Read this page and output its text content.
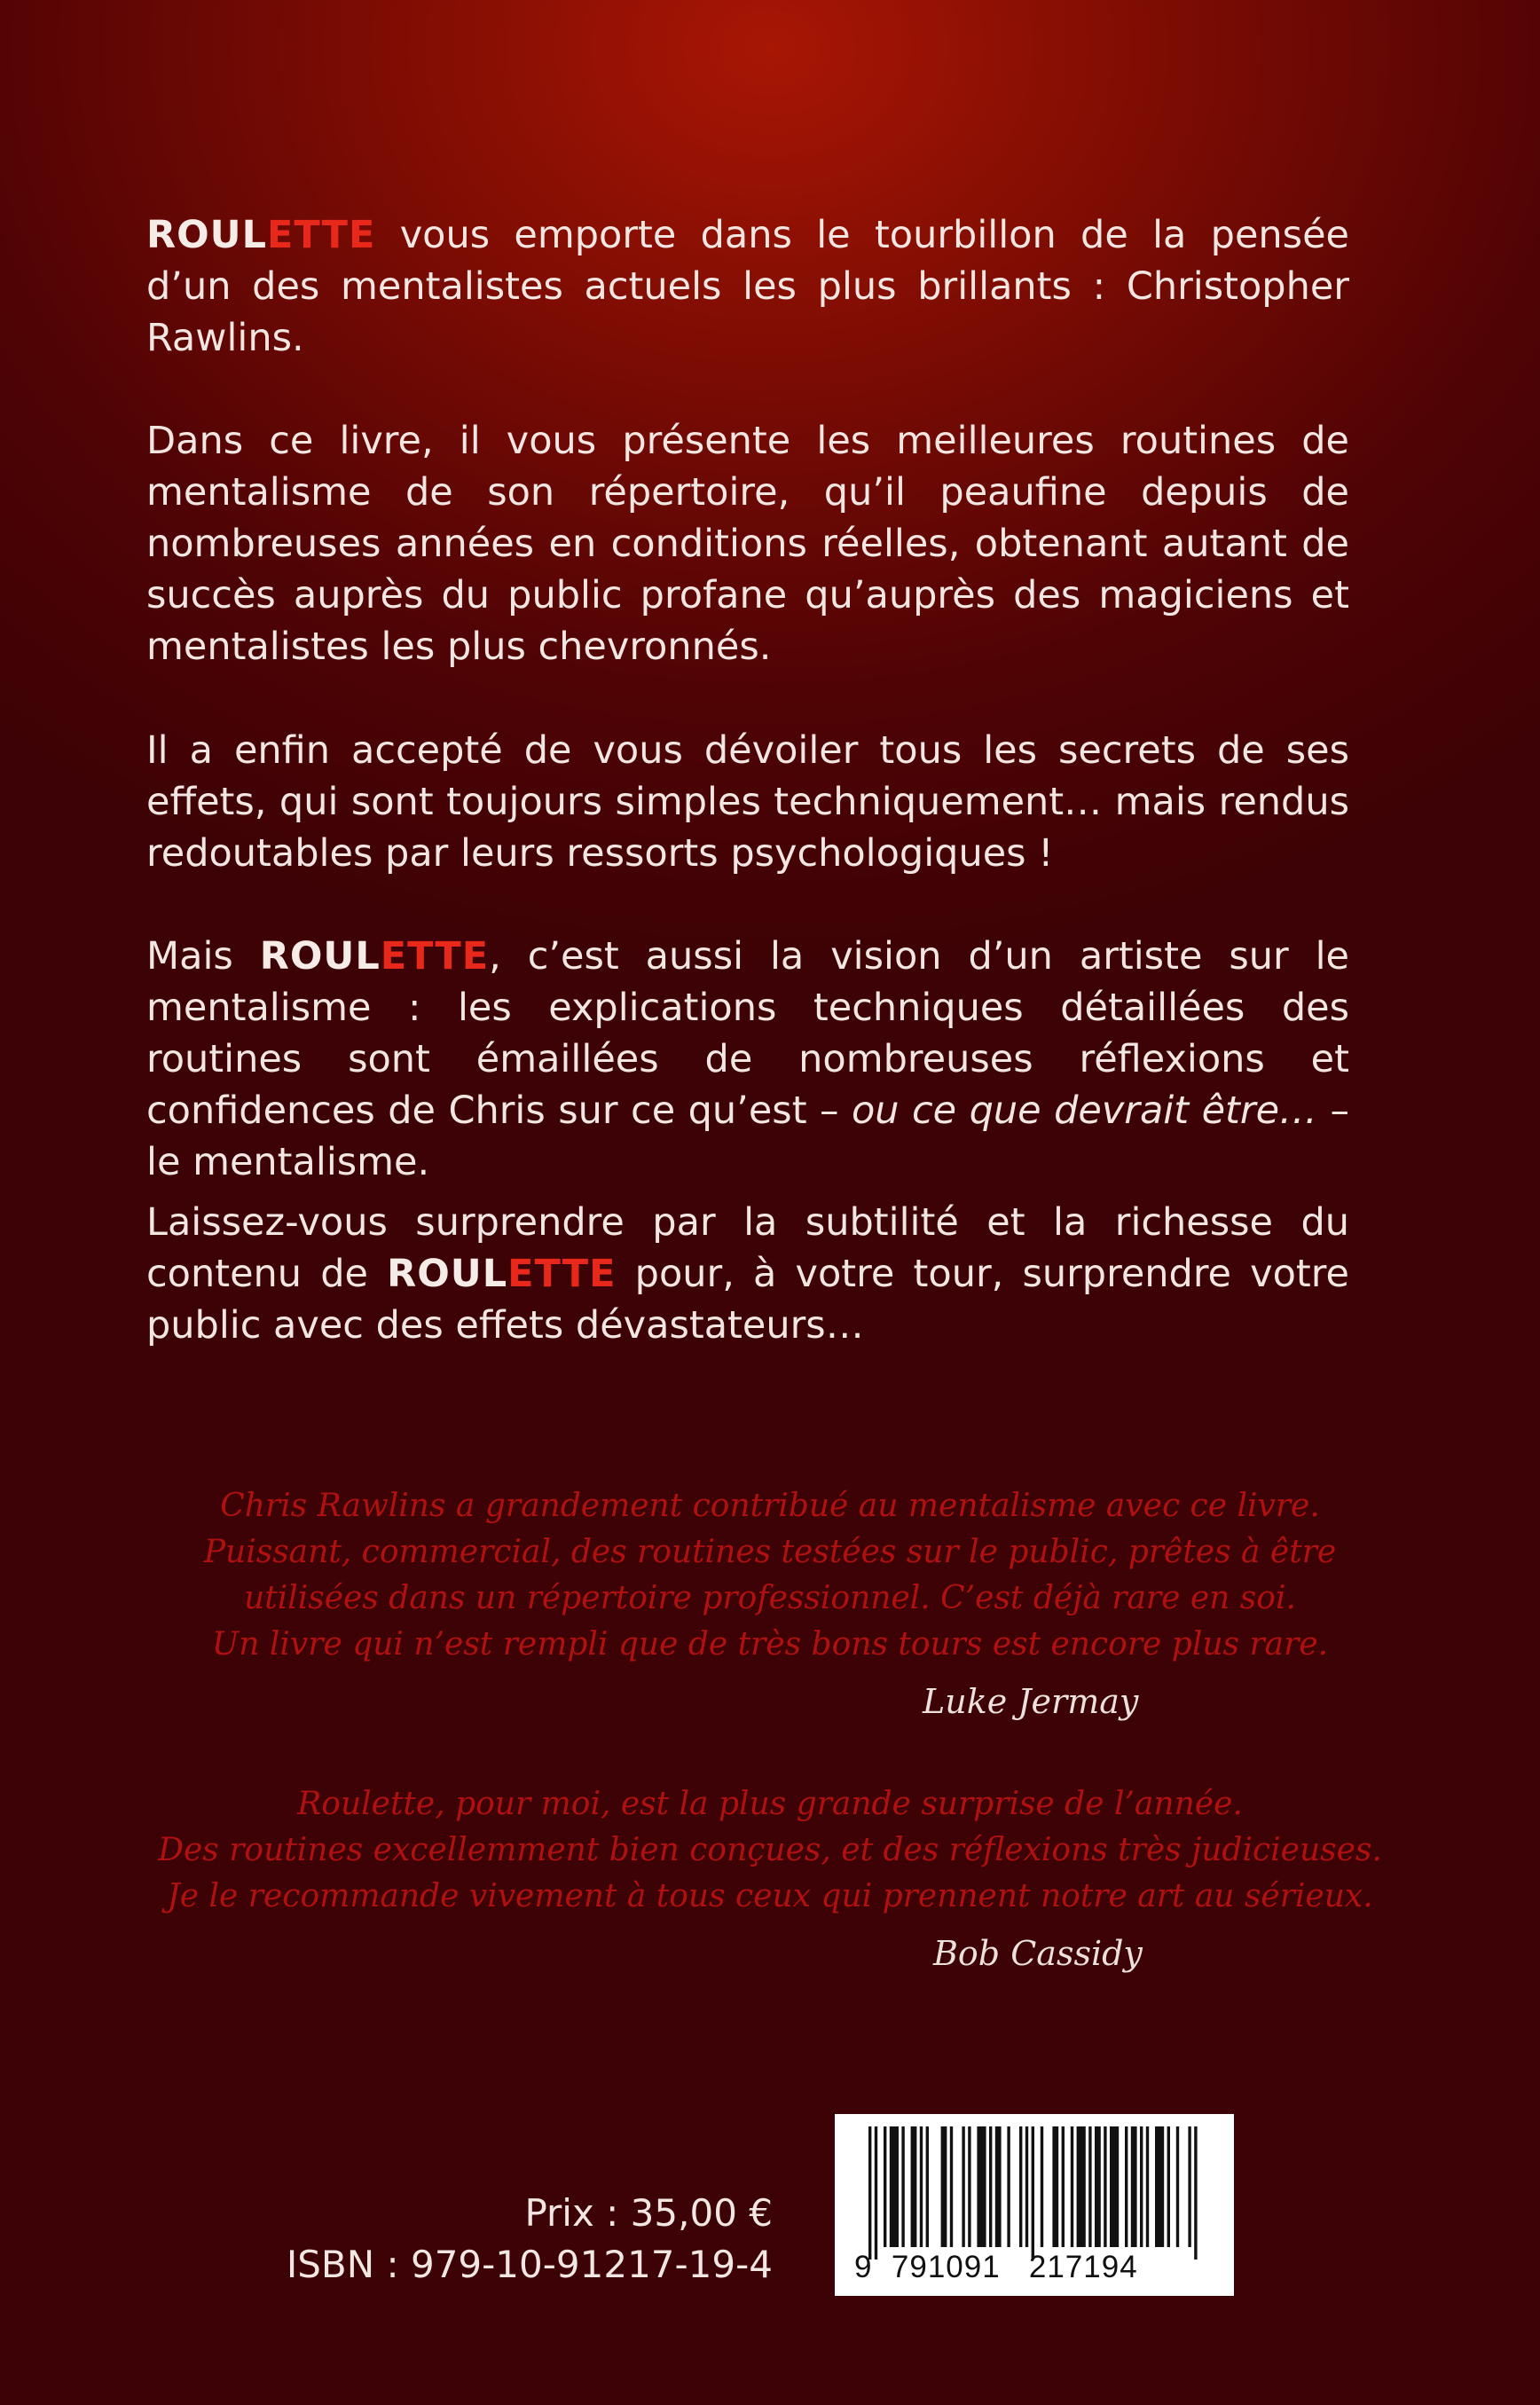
ROULETTE vous emporte dans le tourbillon de la pensée d’un des mentalistes actuels les plus brillants : Christopher Rawlins.

Dans ce livre, il vous présente les meilleures routines de mentalisme de son répertoire, qu’il peaufine depuis de nombreuses années en conditions réelles, obtenant autant de succès auprès du public profane qu’auprès des magiciens et mentalistes les plus chevronnés.

Il a enfin accepté de vous dévoiler tous les secrets de ses effets, qui sont toujours simples techniquement… mais rendus redoutables par leurs ressorts psychologiques !

Mais ROULETTE, c’est aussi la vision d’un artiste sur le mentalisme : les explications techniques détaillées des routines sont émaillées de nombreuses réflexions et confidences de Chris sur ce qu’est – ou ce que devrait être… – le mentalisme.

Laissez-vous surprendre par la subtilité et la richesse du contenu de ROULETTE pour, à votre tour, surprendre votre public avec des effets dévastateurs…

Chris Rawlins a grandement contribué au mentalisme avec ce livre.
Puissant, commercial, des routines testées sur le public, prêtes à être
utilisées dans un répertoire professionnel. C’est déjà rare en soi.
Un livre qui n’est rempli que de très bons tours est encore plus rare.

Luke Jermay

Roulette, pour moi, est la plus grande surprise de l’année.
Des routines excellemment bien conçues, et des réflexions très judicieuses.
Je le recommande vivement à tous ceux qui prennent notre art au sérieux.

Bob Cassidy

Prix : 35,00 €
ISBN : 979-10-91217-19-4	9  791091   217194
